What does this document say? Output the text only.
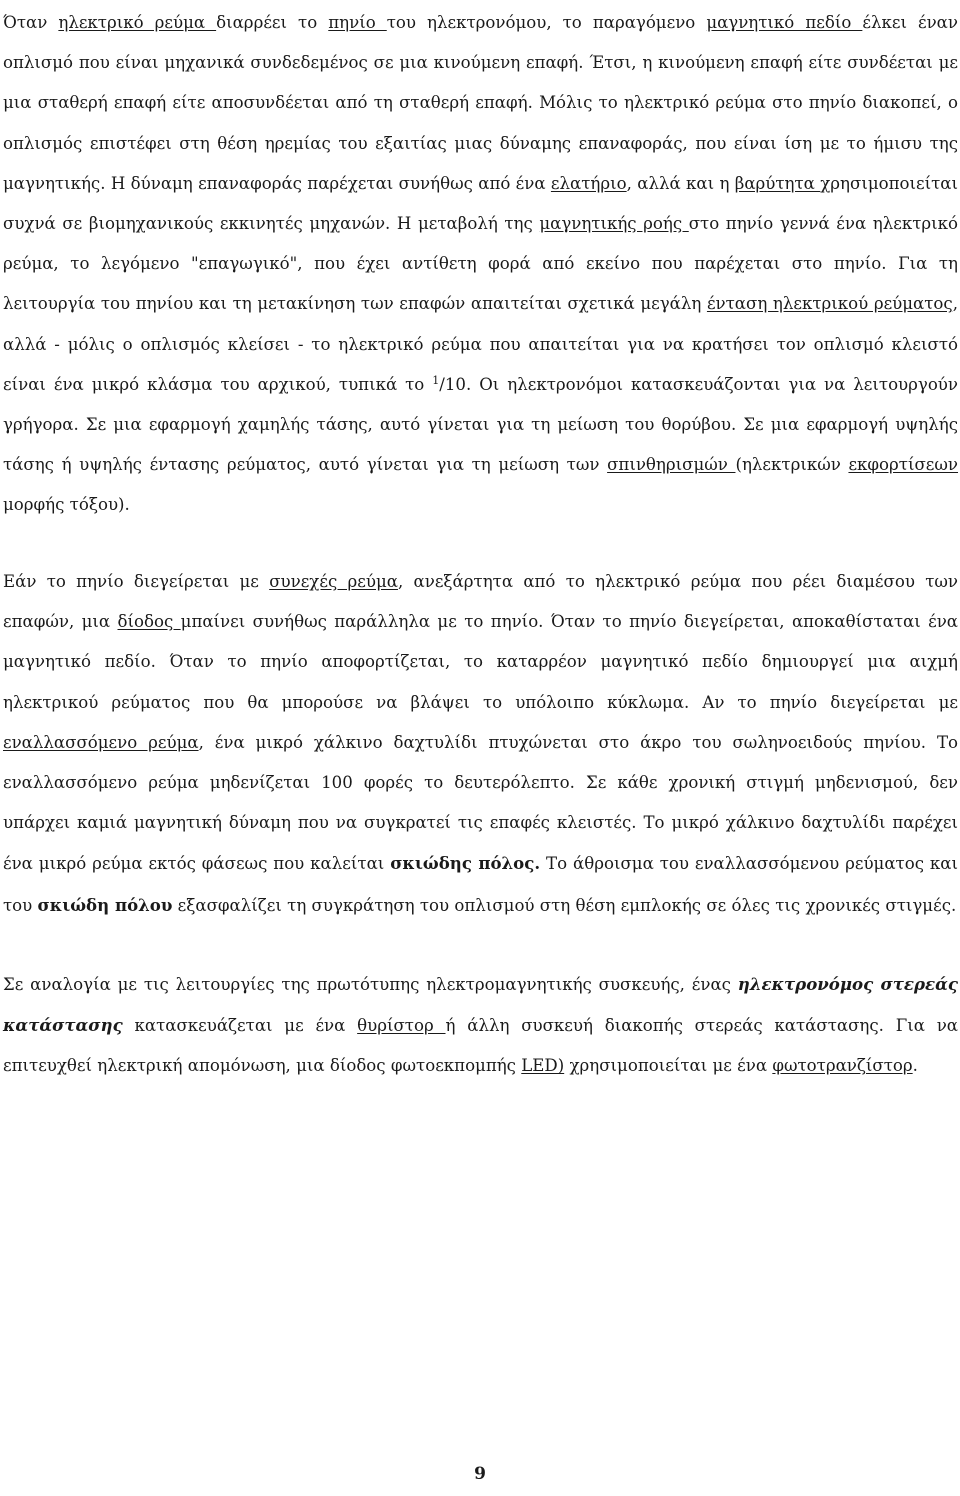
Όταν ηλεκτρικό ρεύμα διαρρέει το πηνίο του ηλεκτρονόμου, το παραγόμενο μαγνητικό πεδίο έλκει έναν οπλισμό που είναι μηχανικά συνδεδεμένος σε μια κινούμενη επαφή. Έτσι, η κινούμενη επαφή είτε συνδέεται με μια σταθερή επαφή είτε αποσυνδέεται από τη σταθερή επαφή. Μόλις το ηλεκτρικό ρεύμα στο πηνίο διακοπεί, ο οπλισμός επιστέφει στη θέση ηρεμίας του εξαιτίας μιας δύναμης επαναφοράς, που είναι ίση με το ήμισυ της μαγνητικής. Η δύναμη επαναφοράς παρέχεται συνήθως από ένα ελατήριο, αλλά και η βαρύτητα χρησιμοποιείται συχνά σε βιομηχανικούς εκκινητές μηχανών. Η μεταβολή της μαγνητικής ροής στο πηνίο γεννά ένα ηλεκτρικό ρεύμα, το λεγόμενο "επαγωγικό", που έχει αντίθετη φορά από εκείνο που παρέχεται στο πηνίο. Για τη λειτουργία του πηνίου και τη μετακίνηση των επαφών απαιτείται σχετικά μεγάλη ένταση ηλεκτρικού ρεύματος, αλλά - μόλις ο οπλισμός κλείσει - το ηλεκτρικό ρεύμα που απαιτείται για να κρατήσει τον οπλισμό κλειστό είναι ένα μικρό κλάσμα του αρχικού, τυπικά το $^1$/10. Οι ηλεκτρονόμοι κατασκευάζονται για να λειτουργούν γρήγορα. Σε μια εφαρμογή χαμηλής τάσης, αυτό γίνεται για τη μείωση του θορύβου. Σε μια εφαρμογή υψηλής τάσης ή υψηλής έντασης ρεύματος, αυτό γίνεται για τη μείωση των σπινθηρισμών (ηλεκτρικών εκφορτίσεων μορφής τόξου).

Εάν το πηνίο διεγείρεται με συνεχές ρεύμα, ανεξάρτητα από το ηλεκτρικό ρεύμα που ρέει διαμέσου των επαφών, μια δίοδος μπαίνει συνήθως παράλληλα με το πηνίο. Όταν το πηνίο διεγείρεται, αποκαθίσταται ένα μαγνητικό πεδίο. Όταν το πηνίο αποφορτίζεται, το καταρρέον μαγνητικό πεδίο δημιουργεί μια αιχμή ηλεκτρικού ρεύματος που θα μπορούσε να βλάψει το υπόλοιπο κύκλωμα. Αν το πηνίο διεγείρεται με εναλλασσόμενο ρεύμα, ένα μικρό χάλκινο δαχτυλίδι πτυχώνεται στο άκρο του σωληνοειδούς πηνίου. Το εναλλασσόμενο ρεύμα μηδενίζεται 100 φορές το δευτερόλεπτο. Σε κάθε χρονική στιγμή μηδενισμού, δεν υπάρχει καμιά μαγνητική δύναμη που να συγκρατεί τις επαφές κλειστές. Το μικρό χάλκινο δαχτυλίδι παρέχει ένα μικρό ρεύμα εκτός φάσεως που καλείται σκιώδης πόλος. Το άθροισμα του εναλλασσόμενου ρεύματος και του σκιώδη πόλου εξασφαλίζει τη συγκράτηση του οπλισμού στη θέση εμπλοκής σε όλες τις χρονικές στιγμές.

Σε αναλογία με τις λειτουργίες της πρωτότυπης ηλεκτρομαγνητικής συσκευής, ένας ηλεκτρονόμος στερεάς κατάστασης κατασκευάζεται με ένα θυρίστορ ή άλλη συσκευή διακοπής στερεάς κατάστασης. Για να επιτευχθεί ηλεκτρική απομόνωση, μια δίοδος φωτοεκπομπής LED) χρησιμοποιείται με ένα φωτοτρανζίστορ.

9
